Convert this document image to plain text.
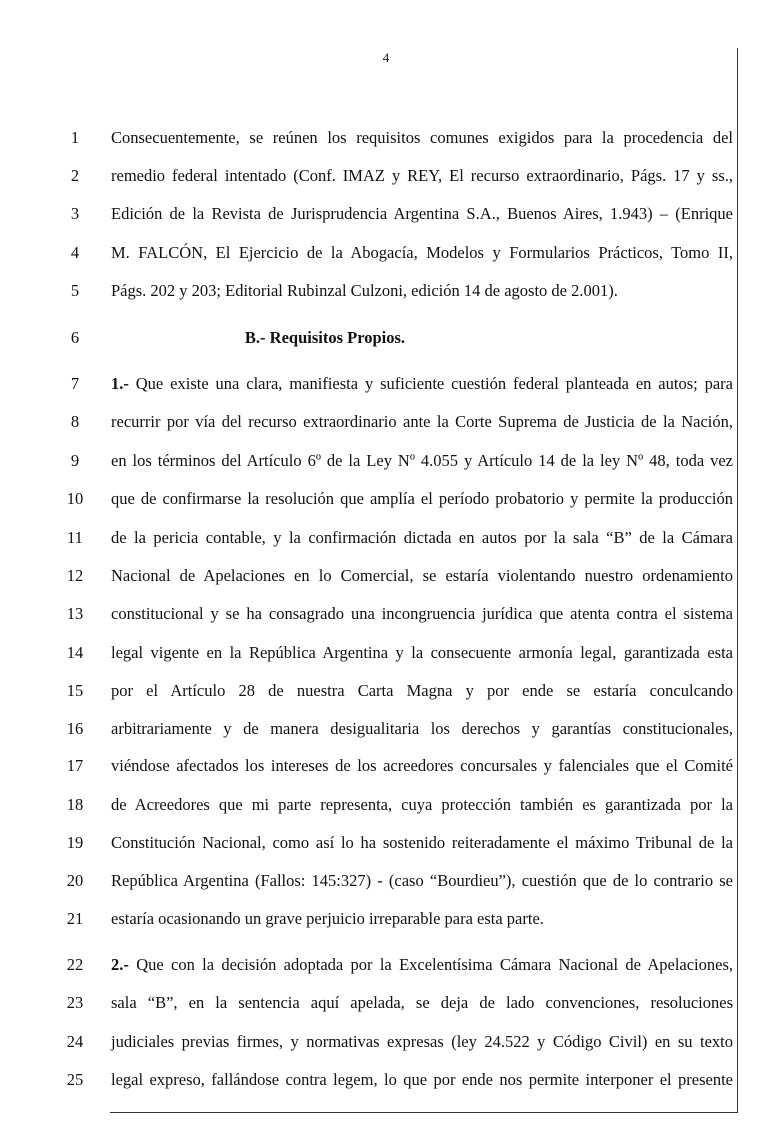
4
1
2
3
4
5
6
7
8
9
10
11
12
13
14
15
16
17
18
19
20
21
22
23
24
25
Consecuentemente, se reúnen los requisitos comunes exigidos para la procedencia del
remedio federal intentado (Conf. IMAZ y REY, El recurso extraordinario, Págs. 17 y ss.,
Edición de la Revista de Jurisprudencia Argentina S.A., Buenos Aires, 1.943) – (Enrique
M. FALCÓN, El Ejercicio de la Abogacía, Modelos y Formularios Prácticos, Tomo II,
Págs. 202 y 203; Editorial Rubinzal Culzoni, edición 14 de agosto de 2.001).
B.- Requisitos Propios.
1.- Que existe una clara, manifiesta y suficiente cuestión federal planteada en autos; para
recurrir por vía del recurso extraordinario ante la Corte Suprema de Justicia de la Nación,
en los términos del Artículo 6º de la Ley Nº 4.055 y Artículo 14 de la ley Nº 48, toda vez
que de confirmarse la resolución que amplía el período probatorio y permite la producción
de la pericia contable, y la confirmación dictada en autos por la sala “B” de la Cámara
Nacional de Apelaciones en lo Comercial, se estaría violentando nuestro ordenamiento
constitucional y se ha consagrado una incongruencia jurídica que atenta contra el sistema
legal vigente en la República Argentina y la consecuente armonía legal, garantizada esta
por el Artículo 28 de nuestra Carta Magna y por ende se estaría conculcando
arbitrariamente y de manera desigualitaria los derechos y garantías constitucionales,
viéndose afectados los intereses de los acreedores concursales y falenciales que el Comité
de Acreedores que mi parte representa, cuya protección también es garantizada por la
Constitución Nacional, como así lo ha sostenido reiteradamente el máximo Tribunal de la
República Argentina (Fallos: 145:327) - (caso “Bourdieu”), cuestión que de lo contrario se
estaría ocasionando un grave perjuicio irreparable para esta parte.
2.- Que con la decisión adoptada por la Excelentísima Cámara Nacional de Apelaciones,
sala “B”, en la sentencia aquí apelada, se deja de lado convenciones, resoluciones
judiciales previas firmes, y normativas expresas (ley 24.522 y Código Civil) en su texto
legal expreso, fallándose contra legem, lo que por ende nos permite interponer el presente
